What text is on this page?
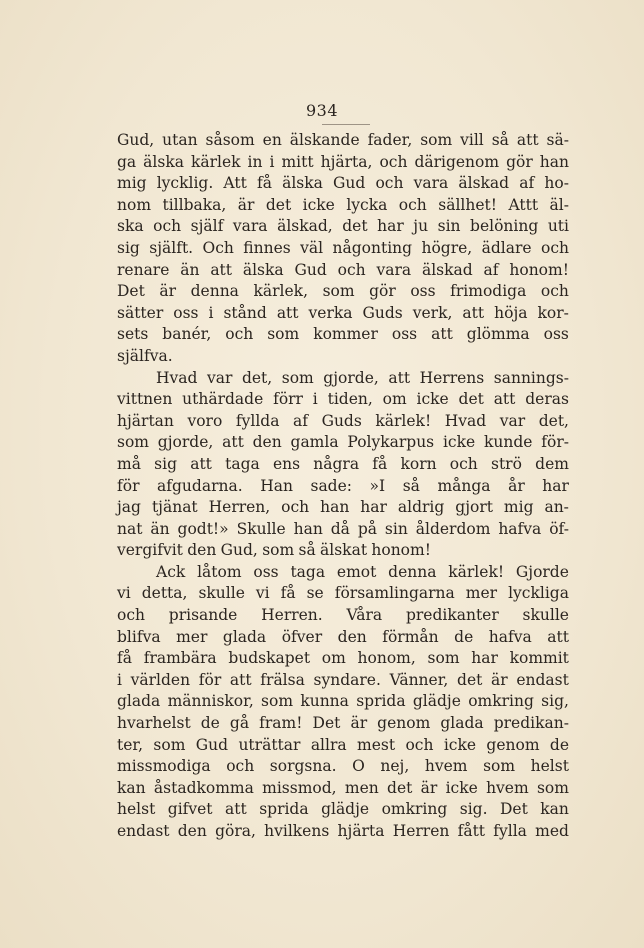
934
Gud, utan såsom en älskande fader, som vill så att sä-
ga älska kärlek in i mitt hjärta, och därigenom gör han
mig lycklig. Att få älska Gud och vara älskad af ho-
nom tillbaka, är det icke lycka och sällhet! Attt äl-
ska och själf vara älskad, det har ju sin belöning uti
sig själft. Och finnes väl någonting högre, ädlare och
renare än att älska Gud och vara älskad af honom!
Det är denna kärlek, som gör oss frimodiga och
sätter oss i stånd att verka Guds verk, att höja kor-
sets banér, och som kommer oss att glömma oss
själfva.
Hvad var det, som gjorde, att Herrens sannings-
vittnen uthärdade förr i tiden, om icke det att deras
hjärtan voro fyllda af Guds kärlek! Hvad var det,
som gjorde, att den gamla Polykarpus icke kunde för-
må sig att taga ens några få korn och strö dem
för afgudarna. Han sade: »I så många år har
jag tjänat Herren, och han har aldrig gjort mig an-
nat än godt!» Skulle han då på sin ålderdom hafva öf-
vergifvit den Gud, som så älskat honom!
Ack låtom oss taga emot denna kärlek! Gjorde
vi detta, skulle vi få se församlingarna mer lyckliga
och prisande Herren. Våra predikanter skulle
blifva mer glada öfver den förmån de hafva att
få frambära budskapet om honom, som har kommit
i världen för att frälsa syndare. Vänner, det är endast
glada människor, som kunna sprida glädje omkring sig,
hvarhelst de gå fram! Det är genom glada predikan-
ter, som Gud uträttar allra mest och icke genom de
missmodiga och sorgsna. O nej, hvem som helst
kan åstadkomma missmod, men det är icke hvem som
helst gifvet att sprida glädje omkring sig. Det kan
endast den göra, hvilkens hjärta Herren fått fylla med
